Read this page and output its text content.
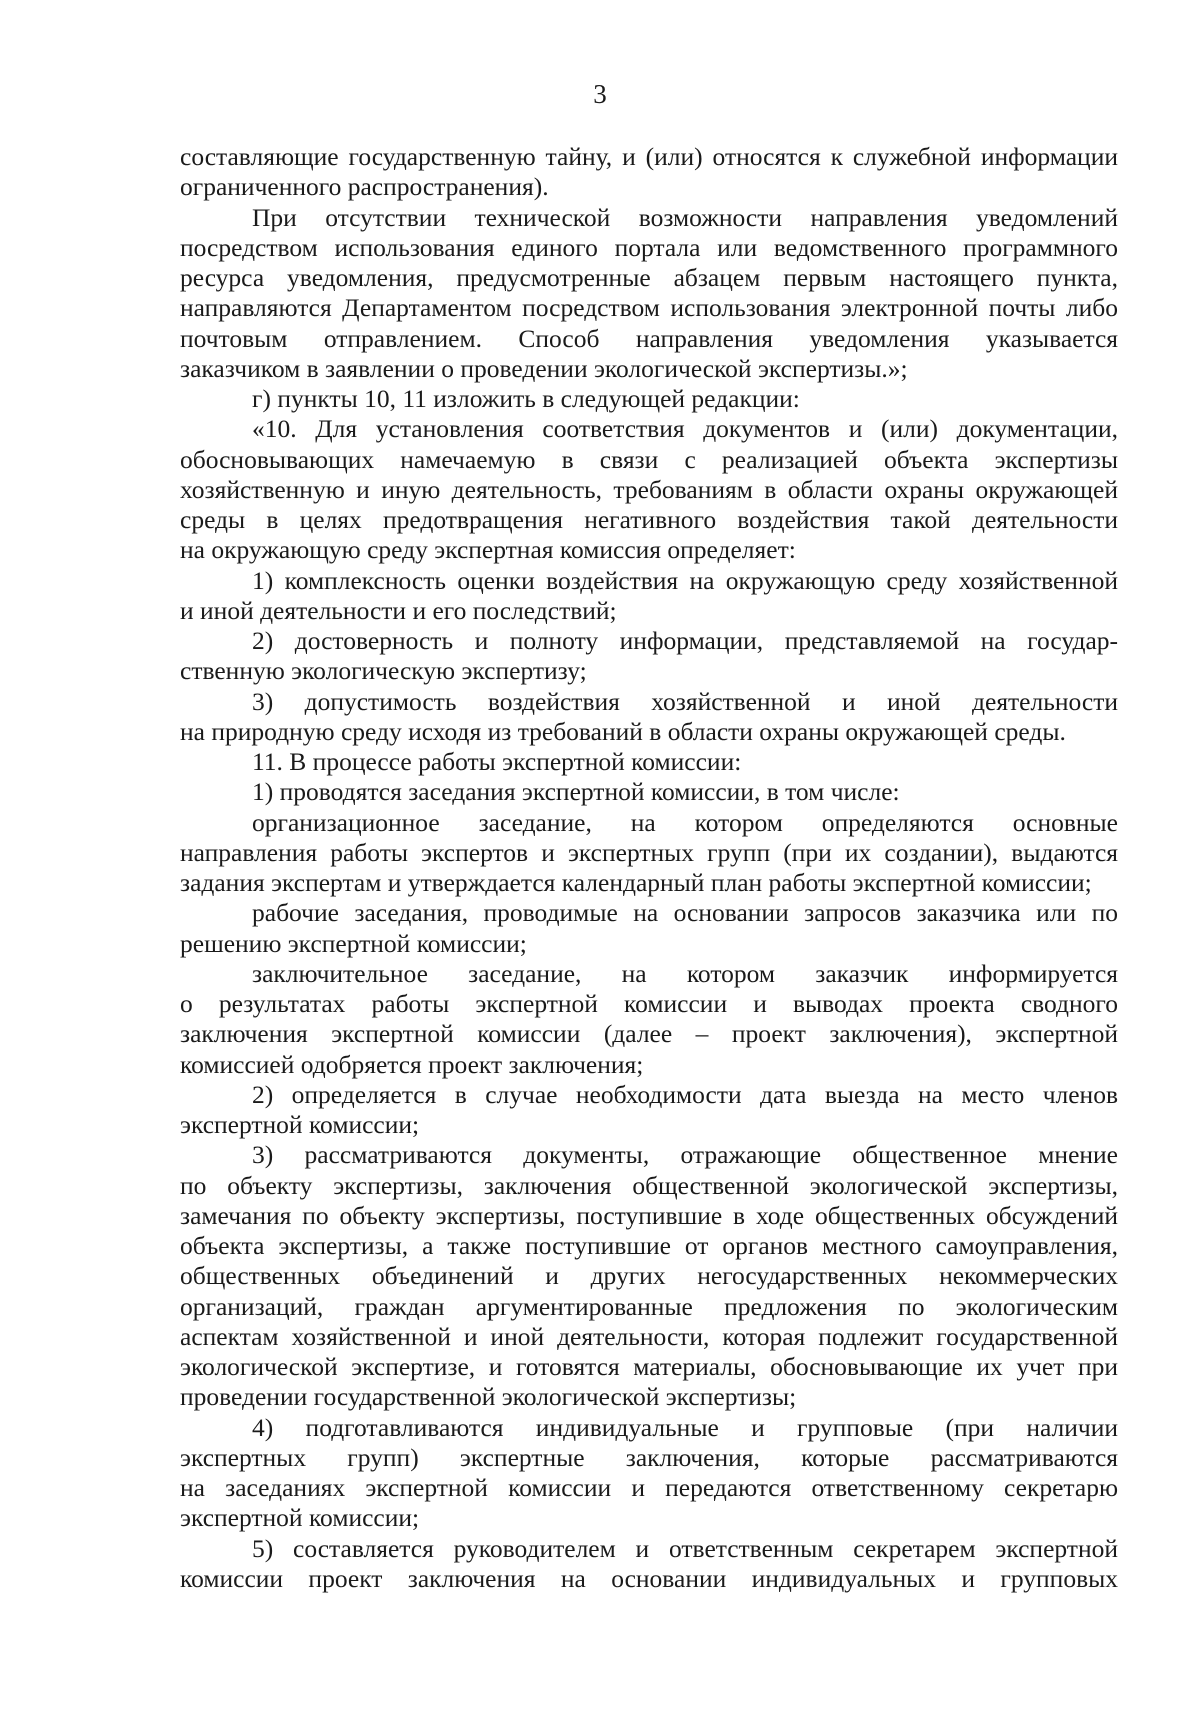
3
составляющие государственную тайну, и (или) относятся к служебной информации
ограниченного распространения).
При отсутствии технической возможности направления уведомлений
посредством использования единого портала или ведомственного программного
ресурса уведомления, предусмотренные абзацем первым настоящего пункта,
направляются Департаментом посредством использования электронной почты либо
почтовым отправлением. Способ направления уведомления указывается
заказчиком в заявлении о проведении экологической экспертизы.»;
г) пункты 10, 11 изложить в следующей редакции:
«10. Для установления соответствия документов и (или) документации,
обосновывающих намечаемую в связи с реализацией объекта экспертизы
хозяйственную и иную деятельность, требованиям в области охраны окружающей
среды в целях предотвращения негативного воздействия такой деятельности
на окружающую среду экспертная комиссия определяет:
1) комплексность оценки воздействия на окружающую среду хозяйственной
и иной деятельности и его последствий;
2) достоверность и полноту информации, представляемой на государ-
ственную экологическую экспертизу;
3) допустимость воздействия хозяйственной и иной деятельности
на природную среду исходя из требований в области охраны окружающей среды.
11. В процессе работы экспертной комиссии:
1) проводятся заседания экспертной комиссии, в том числе:
организационное заседание, на котором определяются основные
направления работы экспертов и экспертных групп (при их создании), выдаются
задания экспертам и утверждается календарный план работы экспертной комиссии;
рабочие заседания, проводимые на основании запросов заказчика или по
решению экспертной комиссии;
заключительное заседание, на котором заказчик информируется
о результатах работы экспертной комиссии и выводах проекта сводного
заключения экспертной комиссии (далее – проект заключения), экспертной
комиссией одобряется проект заключения;
2) определяется в случае необходимости дата выезда на место членов
экспертной комиссии;
3) рассматриваются документы, отражающие общественное мнение
по объекту экспертизы, заключения общественной экологической экспертизы,
замечания по объекту экспертизы, поступившие в ходе общественных обсуждений
объекта экспертизы, а также поступившие от органов местного самоуправления,
общественных объединений и других негосударственных некоммерческих
организаций, граждан аргументированные предложения по экологическим
аспектам хозяйственной и иной деятельности, которая подлежит государственной
экологической экспертизе, и готовятся материалы, обосновывающие их учет при
проведении государственной экологической экспертизы;
4) подготавливаются индивидуальные и групповые (при наличии
экспертных групп) экспертные заключения, которые рассматриваются
на заседаниях экспертной комиссии и передаются ответственному секретарю
экспертной комиссии;
5) составляется руководителем и ответственным секретарем экспертной
комиссии проект заключения на основании индивидуальных и групповых
